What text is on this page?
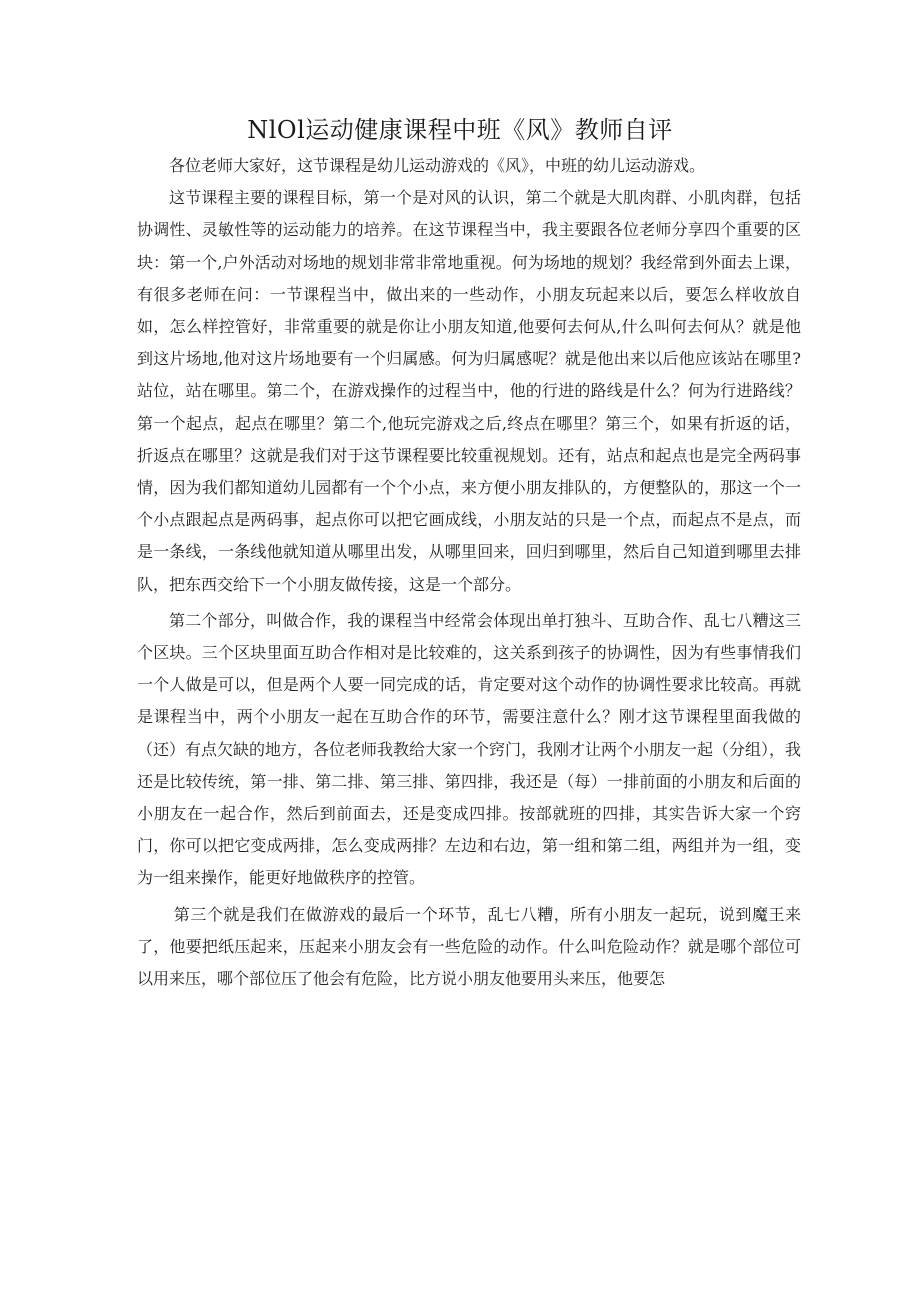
NlOl运动健康课程中班《风》教师自评

各位老师大家好，这节课程是幼儿运动游戏的《风》，中班的幼儿运动游戏。

这节课程主要的课程目标，第一个是对风的认识，第二个就是大肌肉群、小肌肉群，包括协调性、灵敏性等的运动能力的培养。在这节课程当中，我主要跟各位老师分享四个重要的区块：第一个,户外活动对场地的规划非常非常地重视。何为场地的规划？我经常到外面去上课，有很多老师在问：一节课程当中，做出来的一些动作，小朋友玩起来以后，要怎么样收放自如，怎么样控管好，非常重要的就是你让小朋友知道,他要何去何从,什么叫何去何从？就是他到这片场地,他对这片场地要有一个归属感。何为归属感呢？就是他出来以后他应该站在哪里?站位，站在哪里。第二个，在游戏操作的过程当中，他的行进的路线是什么？何为行进路线？第一个起点，起点在哪里？第二个,他玩完游戏之后,终点在哪里？第三个，如果有折返的话，折返点在哪里？这就是我们对于这节课程要比较重视规划。还有，站点和起点也是完全两码事情，因为我们都知道幼儿园都有一个个小点，来方便小朋友排队的，方便整队的，那这一个一个小点跟起点是两码事，起点你可以把它画成线，小朋友站的只是一个点，而起点不是点，而是一条线，一条线他就知道从哪里出发，从哪里回来，回归到哪里，然后自己知道到哪里去排队，把东西交给下一个小朋友做传接，这是一个部分。

第二个部分，叫做合作，我的课程当中经常会体现出单打独斗、互助合作、乱七八糟这三个区块。三个区块里面互助合作相对是比较难的，这关系到孩子的协调性，因为有些事情我们一个人做是可以，但是两个人要一同完成的话，肯定要对这个动作的协调性要求比较高。再就是课程当中，两个小朋友一起在互助合作的环节，需要注意什么？刚才这节课程里面我做的（还）有点欠缺的地方，各位老师我教给大家一个窍门，我刚才让两个小朋友一起（分组），我还是比较传统，第一排、第二排、第三排、第四排，我还是（每）一排前面的小朋友和后面的小朋友在一起合作，然后到前面去，还是变成四排。按部就班的四排，其实告诉大家一个窍门，你可以把它变成两排，怎么变成两排？左边和右边，第一组和第二组，两组并为一组，变为一组来操作，能更好地做秩序的控管。

第三个就是我们在做游戏的最后一个环节，乱七八糟，所有小朋友一起玩，说到魔王来了，他要把纸压起来，压起来小朋友会有一些危险的动作。什么叫危险动作？就是哪个部位可以用来压，哪个部位压了他会有危险，比方说小朋友他要用头来压，他要怎
